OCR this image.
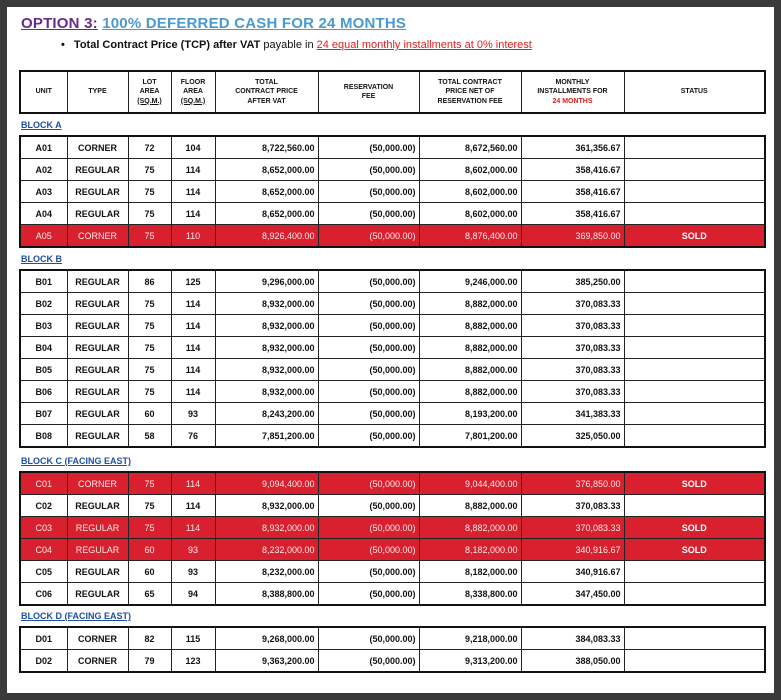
OPTION 3: 100% DEFERRED CASH FOR 24 MONTHS
• Total Contract Price (TCP) after VAT payable in 24 equal monthly installments at 0% interest
UNIT	TYPE	LOT
AREA
(SQ.M.)	FLOOR
AREA
(SQ.M.)	TOTAL
CONTRACT PRICE
AFTER VAT	RESERVATION
FEE	TOTAL CONTRACT
PRICE NET OF
RESERVATION FEE	MONTHLY
INSTALLMENTS FOR
24 MONTHS	STATUS
BLOCK A
A01	CORNER	72	104	8,722,560.00	(50,000.00)	8,672,560.00	361,356.67	
A02	REGULAR	75	114	8,652,000.00	(50,000.00)	8,602,000.00	358,416.67	
A03	REGULAR	75	114	8,652,000.00	(50,000.00)	8,602,000.00	358,416.67	
A04	REGULAR	75	114	8,652,000.00	(50,000.00)	8,602,000.00	358,416.67	
A05	CORNER	75	110	8,926,400.00	(50,000.00)	8,876,400.00	369,850.00	SOLD
BLOCK B
B01	REGULAR	86	125	9,296,000.00	(50,000.00)	9,246,000.00	385,250.00	
B02	REGULAR	75	114	8,932,000.00	(50,000.00)	8,882,000.00	370,083.33	
B03	REGULAR	75	114	8,932,000.00	(50,000.00)	8,882,000.00	370,083.33	
B04	REGULAR	75	114	8,932,000.00	(50,000.00)	8,882,000.00	370,083.33	
B05	REGULAR	75	114	8,932,000.00	(50,000.00)	8,882,000.00	370,083.33	
B06	REGULAR	75	114	8,932,000.00	(50,000.00)	8,882,000.00	370,083.33	
B07	REGULAR	60	93	8,243,200.00	(50,000.00)	8,193,200.00	341,383.33	
B08	REGULAR	58	76	7,851,200.00	(50,000.00)	7,801,200.00	325,050.00	
BLOCK C (FACING EAST)
C01	CORNER	75	114	9,094,400.00	(50,000.00)	9,044,400.00	376,850.00	SOLD
C02	REGULAR	75	114	8,932,000.00	(50,000.00)	8,882,000.00	370,083.33	
C03	REGULAR	75	114	8,932,000.00	(50,000.00)	8,882,000.00	370,083.33	SOLD
C04	REGULAR	60	93	8,232,000.00	(50,000.00)	8,182,000.00	340,916.67	SOLD
C05	REGULAR	60	93	8,232,000.00	(50,000.00)	8,182,000.00	340,916.67	
C06	REGULAR	65	94	8,388,800.00	(50,000.00)	8,338,800.00	347,450.00	
BLOCK D (FACING EAST)
D01	CORNER	82	115	9,268,000.00	(50,000.00)	9,218,000.00	384,083.33	
D02	CORNER	79	123	9,363,200.00	(50,000.00)	9,313,200.00	388,050.00	
